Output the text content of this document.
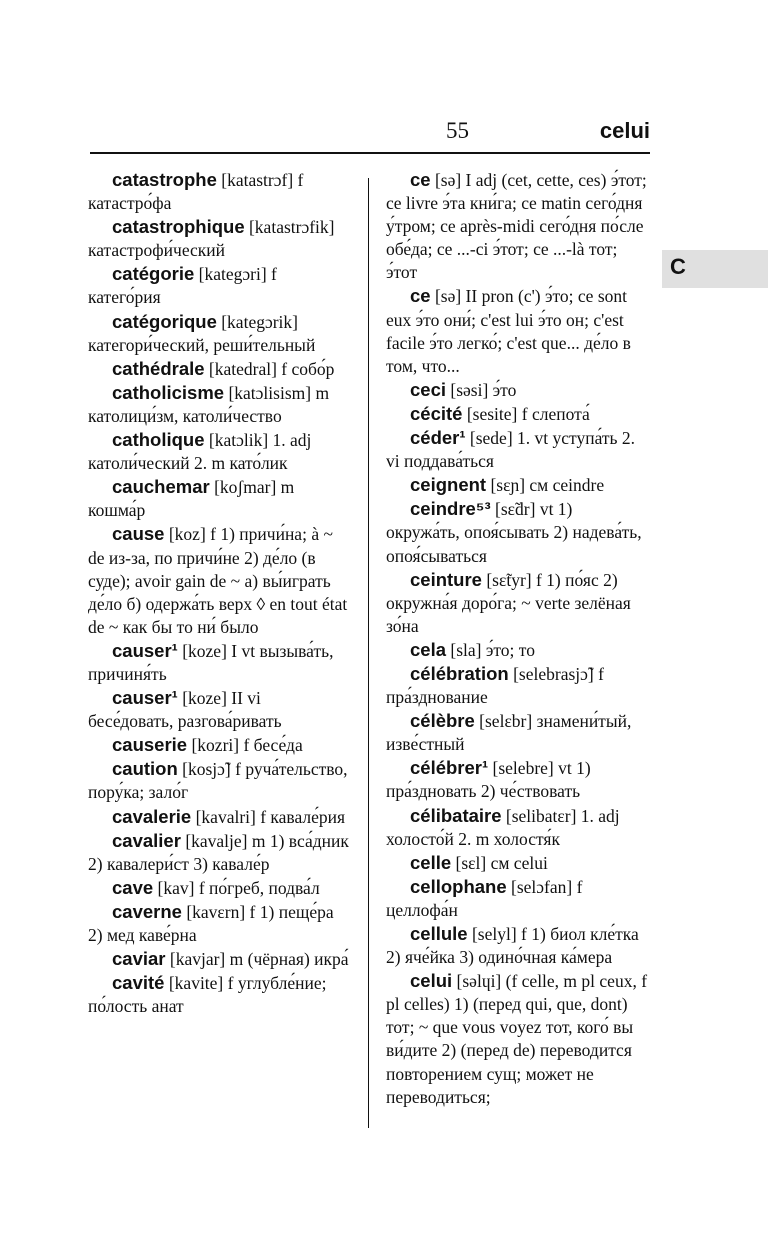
55	celui
C

catastrophe [katastrɔf] f катастро́фа

catastrophique [katastrɔfik] катастрофи́ческий

catégorie [kategɔri] f катего́рия

catégorique [kategɔrik] категори́ческий, реши́тельный

cathédrale [katedral] f собо́р

catholicisme [katɔlisism] m католици́зм, католи́чество

catholique [katɔlik] 1. adj католи́ческий 2. m като́лик

cauchemar [koʃmar] m кошма́р

cause [koz] f 1) причи́на; à ~ de из-за, по причи́не 2) де́ло (в суде); avoir gain de ~ а) вы́играть де́ло б) одержа́ть верх ◊ en tout état de ~ как бы то ни́ было

causer¹ [koze] I vt вызыва́ть, причиня́ть

causer¹ [koze] II vi бесе́довать, разгова́ривать

causerie [kozri] f бесе́да

caution [kosjɔ̃] f руча́тельство, пору́ка; зало́г

cavalerie [kavalri] f кавале́рия

cavalier [kavalje] m 1) вса́дник 2) кавалери́ст 3) кавале́р

cave [kav] f по́греб, подва́л

caverne [kavɛrn] f 1) пеще́ра 2) мед каве́рна

caviar [kavjar] m (чёрная) икра́

cavité [kavite] f углубле́ние; по́лость анат

ce [sə] I adj (cet, cette, ces) э́тот; ce livre э́та кни́га; ce matin сего́дня у́тром; ce après-midi сего́дня по́сле обе́да; ce ...-ci э́тот; ce ...-là тот; э́тот

ce [sə] II pron (c') э́то; ce sont eux э́то они́; c'est lui э́то он; c'est facile э́то легко́; c'est que... де́ло в том, что...

ceci [səsi] э́то

cécité [sesite] f слепота́

céder¹ [sede] 1. vt уступа́ть 2. vi поддава́ться

ceignent [sɛɲ] см ceindre

ceindre⁵³ [sɛ̃dr] vt 1) окружа́ть, опоя́сывать 2) надева́ть, опоя́сываться

ceinture [sɛ̃tyr] f 1) по́яс 2) окружна́я доро́га; ~ verte зелёная зо́на

cela [sla] э́то; то

célébration [selebrasjɔ̃] f пра́зднование

célèbre [selɛbr] знамени́тый, изве́стный

célébrer¹ [selebre] vt 1) пра́здновать 2) че́ствовать

célibataire [selibatɛr] 1. adj холосто́й 2. m холостя́к

celle [sɛl] см celui

cellophane [selɔfan] f целлофа́н

cellule [selyl] f 1) биол кле́тка 2) яче́йка 3) одино́чная ка́мера

celui [səlɥi] (f celle, m pl ceux, f pl celles) 1) (перед qui, que, dont) тот; ~ que vous voyez тот, кого́ вы ви́дите 2) (перед de) переводится повторением сущ; может не переводиться;
